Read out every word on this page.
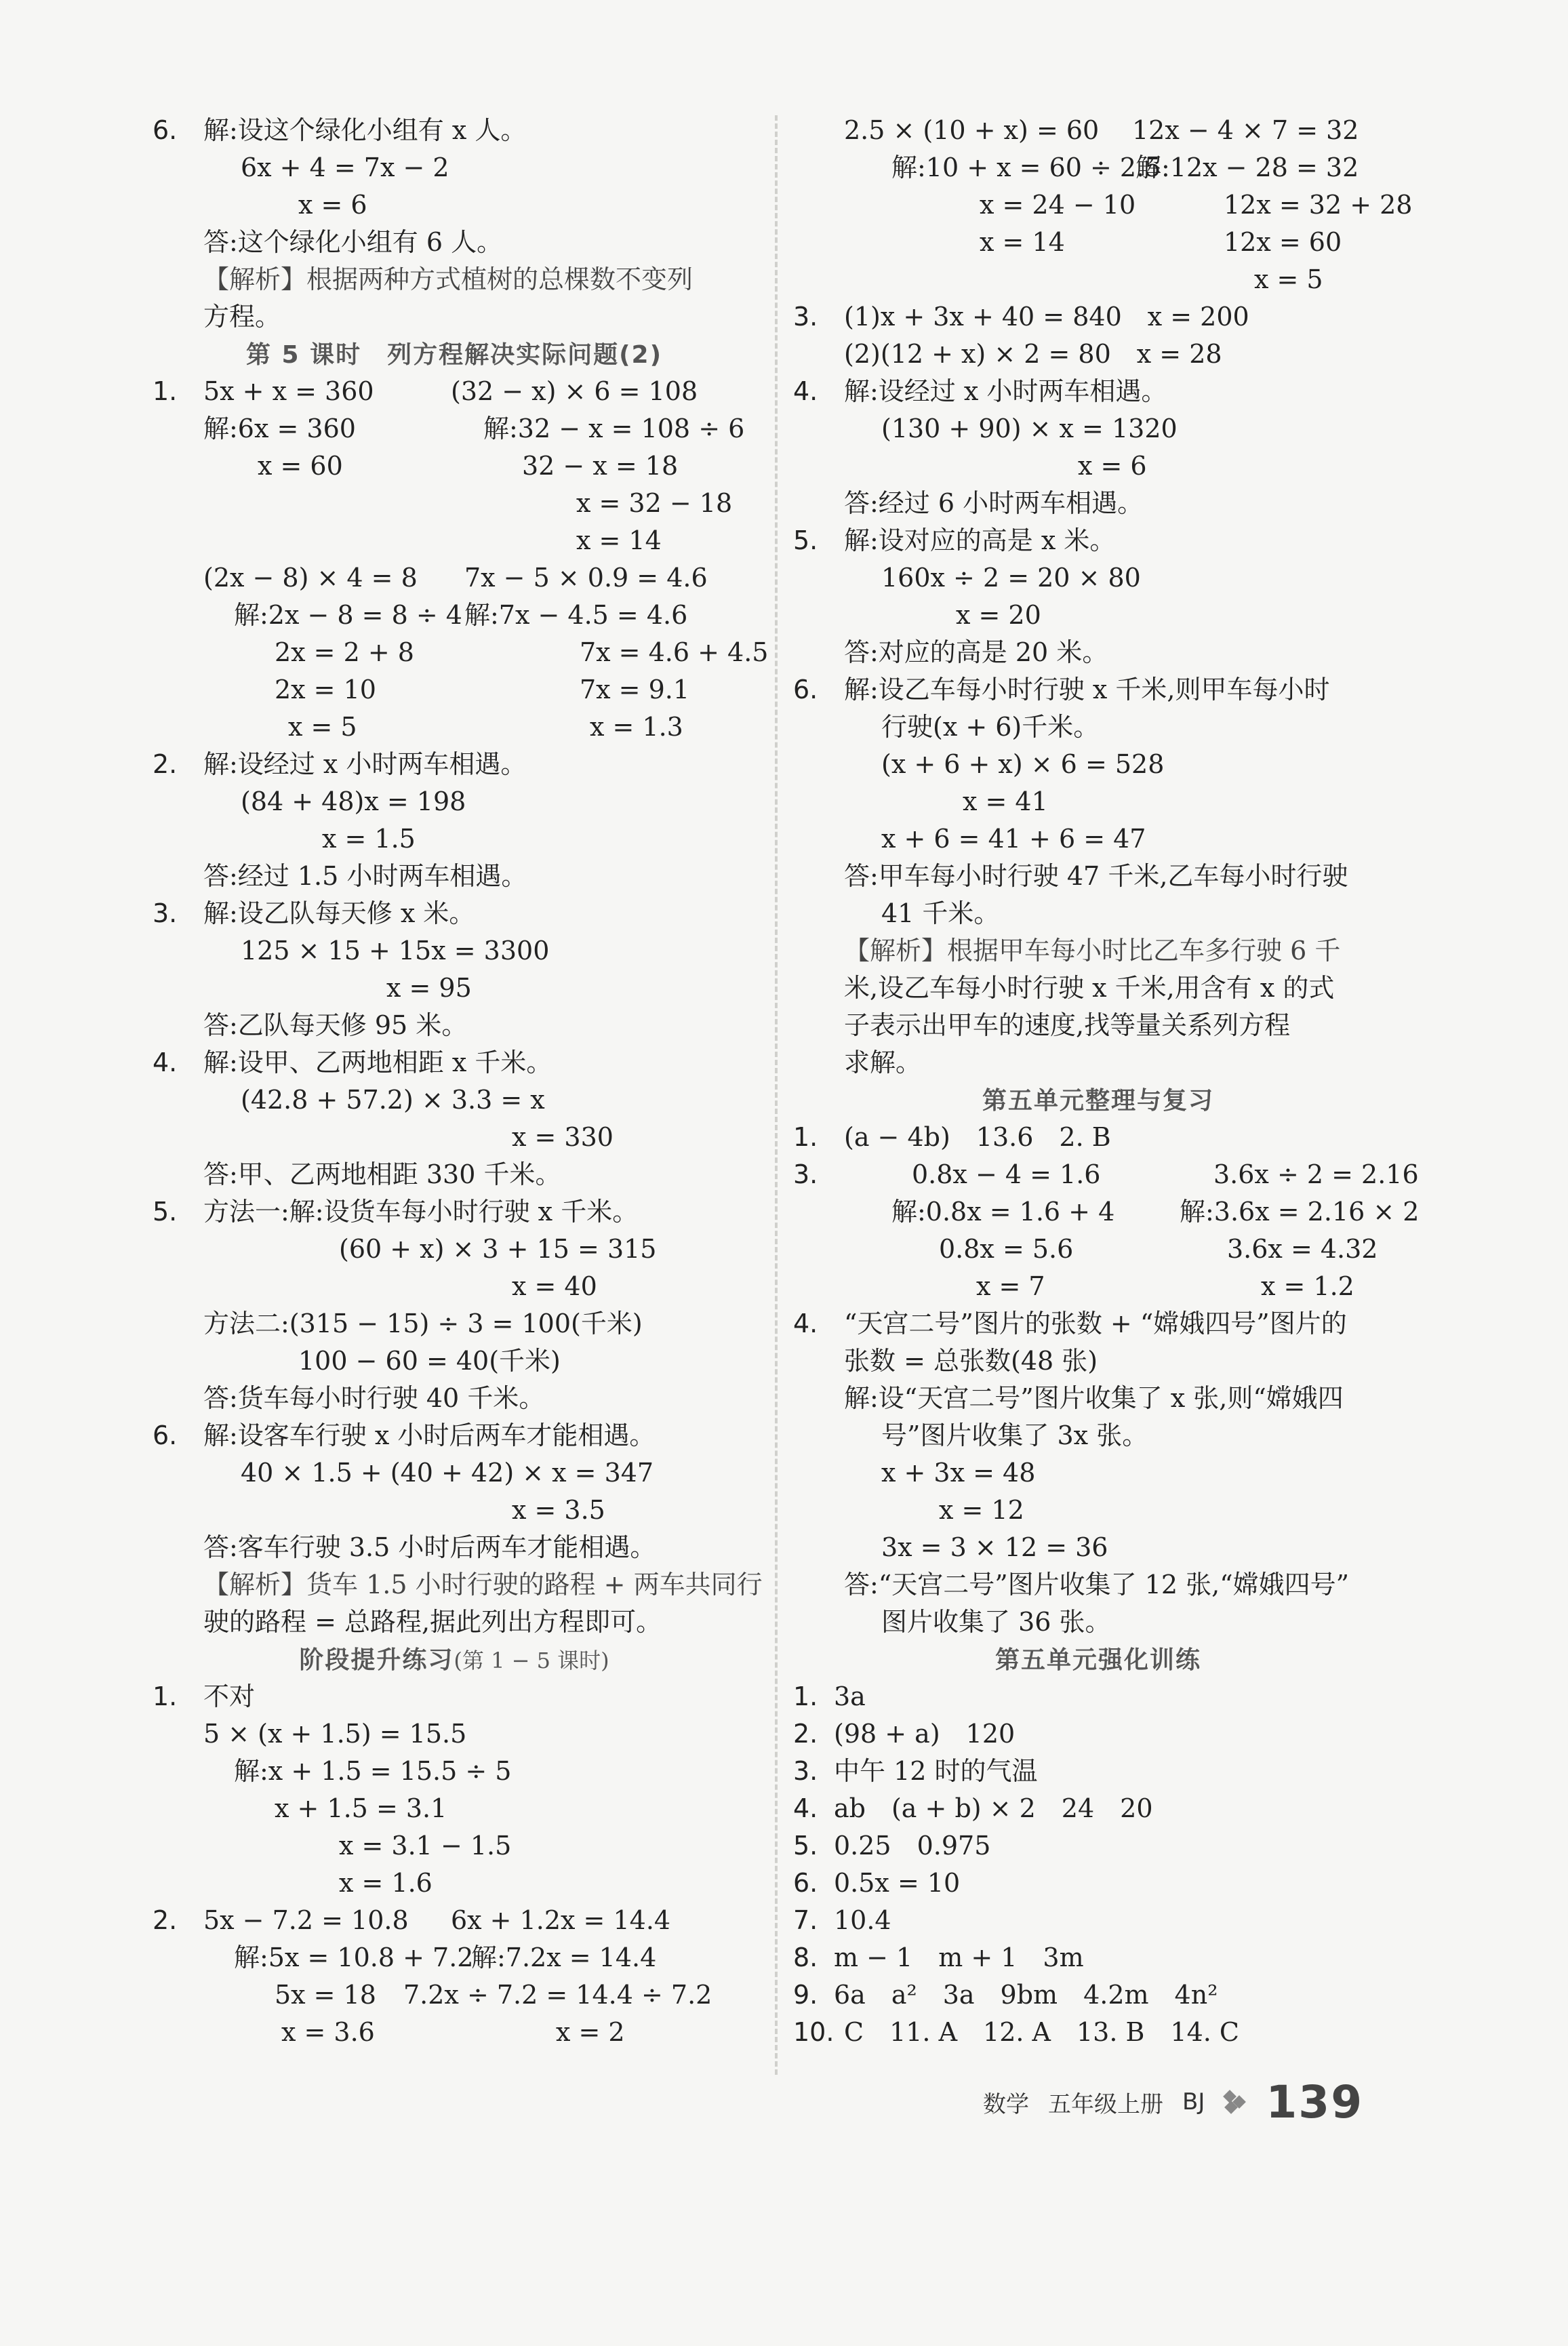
6. 解:设这个绿化小组有 x 人。
6x + 4 = 7x − 2
x = 6
答:这个绿化小组有 6 人。
【解析】根据两种方式植树的总棵数不变列
方程。
第 5 课时　列方程解决实际问题(2)
1. 5x + x = 360	(32 − x) × 6 = 108
解:6x = 360	解:32 − x = 108 ÷ 6
x = 60	32 − x = 18
x = 32 − 18
x = 14
(2x − 8) × 4 = 8 7x − 5 × 0.9 = 4.6
解:2x − 8 = 8 ÷ 4 解:7x − 4.5 = 4.6
2x = 2 + 8	7x = 4.6 + 4.5
2x = 10	7x = 9.1
x = 5	x = 1.3
2. 解:设经过 x 小时两车相遇。
(84 + 48)x = 198
x = 1.5
答:经过 1.5 小时两车相遇。
3. 解:设乙队每天修 x 米。
125 × 15 + 15x = 3300
x = 95
答:乙队每天修 95 米。
4. 解:设甲、乙两地相距 x 千米。
(42.8 + 57.2) × 3.3 = x
x = 330
答:甲、乙两地相距 330 千米。
5. 方法一:解:设货车每小时行驶 x 千米。
(60 + x) × 3 + 15 = 315
x = 40
方法二:(315 − 15) ÷ 3 = 100(千米)
100 − 60 = 40(千米)
答:货车每小时行驶 40 千米。
6. 解:设客车行驶 x 小时后两车才能相遇。
40 × 1.5 + (40 + 42) × x = 347
x = 3.5
答:客车行驶 3.5 小时后两车才能相遇。
【解析】货车 1.5 小时行驶的路程 + 两车共同行
驶的路程 = 总路程,据此列出方程即可。
阶段提升练习(第 1 − 5 课时)
1. 不对
5 × (x + 1.5) = 15.5
解:x + 1.5 = 15.5 ÷ 5
x + 1.5 = 3.1
x = 3.1 − 1.5
x = 1.6
2. 5x − 7.2 = 10.8 6x + 1.2x = 14.4
解:5x = 10.8 + 7.2
解:7.2x = 14.4
5x = 18 7.2x ÷ 7.2 = 14.4 ÷ 7.2
x = 3.6	x = 2
2.5 × (10 + x) = 60 12x − 4 × 7 = 32
解:10 + x = 60 ÷ 2.5
解:12x − 28 = 32
x = 24 − 10	12x = 32 + 28
x = 14	12x = 60
x = 5
3. (1)x + 3x + 40 = 840　x = 200
(2)(12 + x) × 2 = 80　x = 28
4. 解:设经过 x 小时两车相遇。
(130 + 90) × x = 1320
x = 6
答:经过 6 小时两车相遇。
5. 解:设对应的高是 x 米。
160x ÷ 2 = 20 × 80
x = 20
答:对应的高是 20 米。
6. 解:设乙车每小时行驶 x 千米,则甲车每小时
行驶(x + 6)千米。
(x + 6 + x) × 6 = 528
x = 41
x + 6 = 41 + 6 = 47
答:甲车每小时行驶 47 千米,乙车每小时行驶
41 千米。
【解析】根据甲车每小时比乙车多行驶 6 千
米,设乙车每小时行驶 x 千米,用含有 x 的式
子表示出甲车的速度,找等量关系列方程
求解。
第五单元整理与复习
1. (a − 4b)　13.6　2. B
3.	0.8x − 4 = 1.6	3.6x ÷ 2 = 2.16
解:0.8x = 1.6 + 4	解:3.6x = 2.16 × 2
0.8x = 5.6	3.6x = 4.32
x = 7	x = 1.2
4. “天宫二号”图片的张数 + “嫦娥四号”图片的
张数 = 总张数(48 张)
解:设“天宫二号”图片收集了 x 张,则“嫦娥四
号”图片收集了 3x 张。
x + 3x = 48
x = 12
3x = 3 × 12 = 36
答:“天宫二号”图片收集了 12 张,“嫦娥四号”
图片收集了 36 张。
第五单元强化训练
1. 3a
2. (98 + a)　120
3. 中午 12 时的气温
4. ab　(a + b) × 2　24　20
5. 0.25　0.975
6. 0.5x = 10
7. 10.4
8. m − 1　m + 1　3m
9. 6a　a²　3a　9bm　4.2m　4n²
10. C　11. A　12. A　13. B　14. C
数学 五年级上册 BJ 139
